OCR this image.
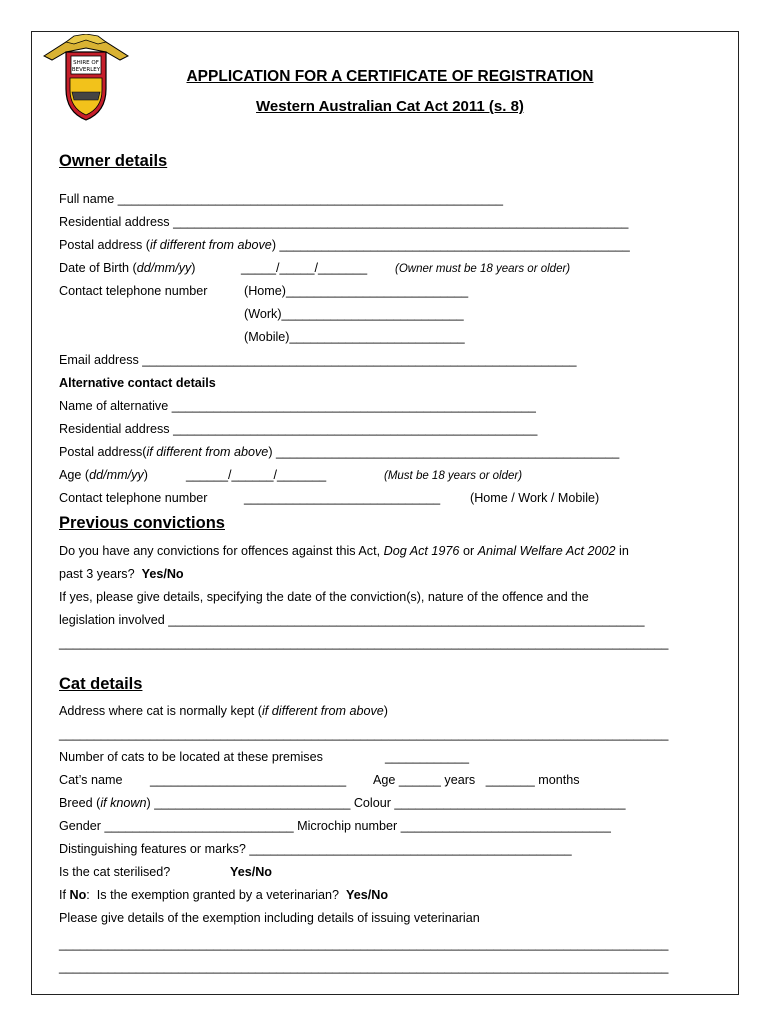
SHIRE OF
BEVERLEY	APPLICATION FOR A CERTIFICATE OF REGISTRATION
Western Australian Cat Act 2011 (s. 8)
Owner details
Full name _______________________________________________________
Residential address _________________________________________________________________
Postal address (if different from above) __________________________________________________
Date of Birth (dd/mm/yy)	_____/_____/_______ (Owner must be 18 years or older)
Contact telephone number	(Home)__________________________
(Work)__________________________
(Mobile)_________________________
Email address ______________________________________________________________
Alternative contact details
Name of alternative ____________________________________________________
Residential address ____________________________________________________
Postal address(if different from above) _________________________________________________
Age (dd/mm/yy)	______/______/_______	(Must be 18 years or older)
Contact telephone number	____________________________ (Home / Work / Mobile)
Previous convictions
Do you have any convictions for offences against this Act, Dog Act 1976 or Animal Welfare Act 2002 in
past 3 years?  Yes/No
If yes, please give details, specifying the date of the conviction(s), nature of the offence and the
legislation involved ____________________________________________________________________
_______________________________________________________________________________________
Cat details
Address where cat is normally kept (if different from above)
_______________________________________________________________________________________
Number of cats to be located at these premises	____________
Cat’s name ____________________________ Age ______ years   _______ months
Breed (if known) ____________________________ Colour _________________________________
Gender ___________________________ Microchip number ______________________________
Distinguishing features or marks? ______________________________________________
Is the cat sterilised?	Yes/No
If No:  Is the exemption granted by a veterinarian?  Yes/No
Please give details of the exemption including details of issuing veterinarian
_______________________________________________________________________________________
_______________________________________________________________________________________
